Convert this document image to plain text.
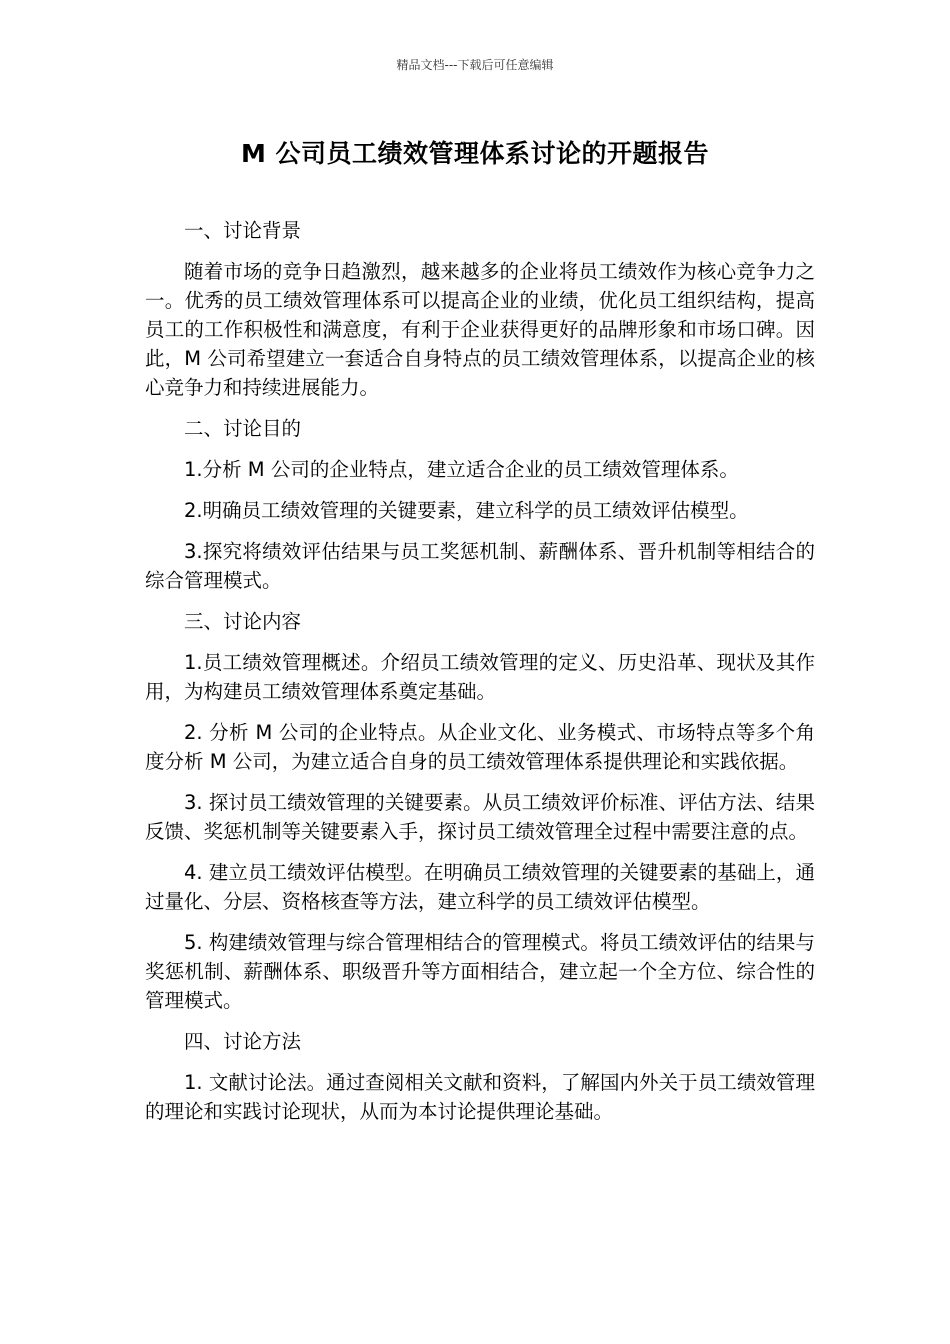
精品文档---下载后可任意编辑
M 公司员工绩效管理体系讨论的开题报告

一、讨论背景

随着市场的竞争日趋激烈，越来越多的企业将员工绩效作为核心竞争力之一。优秀的员工绩效管理体系可以提高企业的业绩，优化员工组织结构，提高员工的工作积极性和满意度，有利于企业获得更好的品牌形象和市场口碑。因此，M 公司希望建立一套适合自身特点的员工绩效管理体系，以提高企业的核心竞争力和持续进展能力。

二、讨论目的

1.分析 M 公司的企业特点，建立适合企业的员工绩效管理体系。

2.明确员工绩效管理的关键要素，建立科学的员工绩效评估模型。

3.探究将绩效评估结果与员工奖惩机制、薪酬体系、晋升机制等相结合的综合管理模式。

三、讨论内容

1.员工绩效管理概述。介绍员工绩效管理的定义、历史沿革、现状及其作用，为构建员工绩效管理体系奠定基础。

2. 分析 M 公司的企业特点。从企业文化、业务模式、市场特点等多个角度分析 M 公司，为建立适合自身的员工绩效管理体系提供理论和实践依据。

3. 探讨员工绩效管理的关键要素。从员工绩效评价标准、评估方法、结果反馈、奖惩机制等关键要素入手，探讨员工绩效管理全过程中需要注意的点。

4. 建立员工绩效评估模型。在明确员工绩效管理的关键要素的基础上，通过量化、分层、资格核查等方法，建立科学的员工绩效评估模型。

5. 构建绩效管理与综合管理相结合的管理模式。将员工绩效评估的结果与奖惩机制、薪酬体系、职级晋升等方面相结合，建立起一个全方位、综合性的管理模式。

四、讨论方法

1. 文献讨论法。通过查阅相关文献和资料，了解国内外关于员工绩效管理的理论和实践讨论现状，从而为本讨论提供理论基础。
